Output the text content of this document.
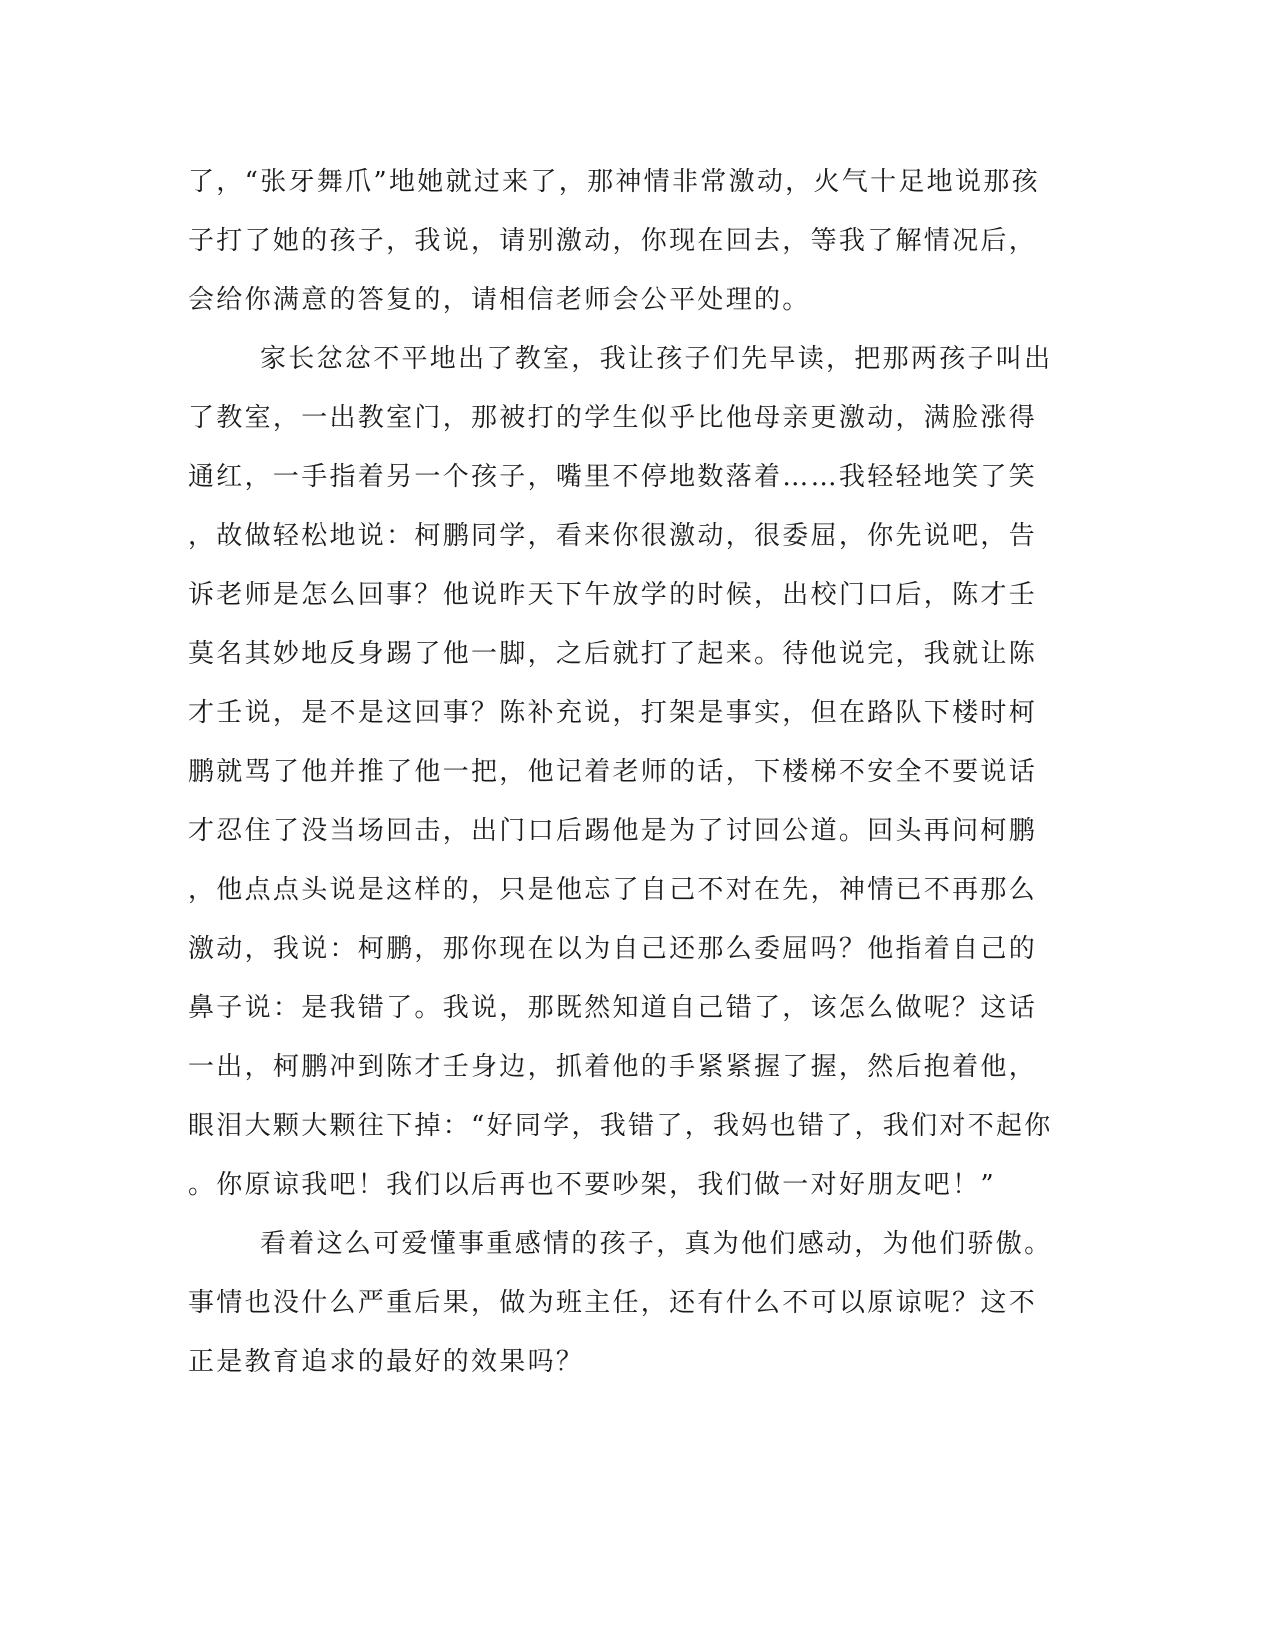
了，“张牙舞爪”地她就过来了，那神情非常激动，火气十足地说那孩
子打了她的孩子，我说，请别激动，你现在回去，等我了解情况后，
会给你满意的答复的，请相信老师会公平处理的。
家长忿忿不平地出了教室，我让孩子们先早读，把那两孩子叫出
了教室，一出教室门，那被打的学生似乎比他母亲更激动，满脸涨得
通红，一手指着另一个孩子，嘴里不停地数落着……我轻轻地笑了笑
，故做轻松地说：柯鹏同学，看来你很激动，很委屈，你先说吧，告
诉老师是怎么回事？他说昨天下午放学的时候，出校门口后，陈才壬
莫名其妙地反身踢了他一脚，之后就打了起来。待他说完，我就让陈
才壬说，是不是这回事？陈补充说，打架是事实，但在路队下楼时柯
鹏就骂了他并推了他一把，他记着老师的话，下楼梯不安全不要说话
才忍住了没当场回击，出门口后踢他是为了讨回公道。回头再问柯鹏
，他点点头说是这样的，只是他忘了自己不对在先，神情已不再那么
激动，我说：柯鹏，那你现在以为自己还那么委屈吗？他指着自己的
鼻子说：是我错了。我说，那既然知道自己错了，该怎么做呢？这话
一出，柯鹏冲到陈才壬身边，抓着他的手紧紧握了握，然后抱着他，
眼泪大颗大颗往下掉：“好同学，我错了，我妈也错了，我们对不起你
。你原谅我吧！我们以后再也不要吵架，我们做一对好朋友吧！”
看着这么可爱懂事重感情的孩子，真为他们感动，为他们骄傲。
事情也没什么严重后果，做为班主任，还有什么不可以原谅呢？这不
正是教育追求的最好的效果吗？
